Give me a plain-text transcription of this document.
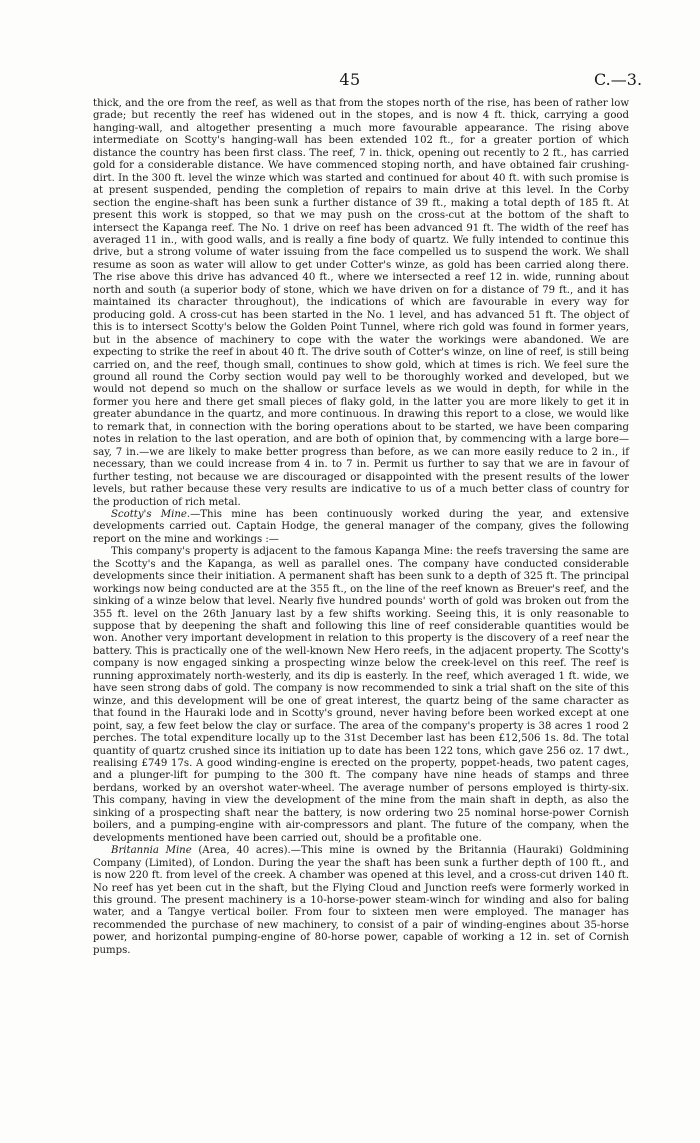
45	C.—3.

thick, and the ore from the reef, as well as that from the stopes north of the rise, has been of rather low grade; but recently the reef has widened out in the stopes, and is now 4 ft. thick, carrying a good hanging-wall, and altogether presenting a much more favourable appearance. The rising above intermediate on Scotty's hanging-wall has been extended 102 ft., for a greater portion of which distance the country has been first class. The reef, 7 in. thick, opening out recently to 2 ft., has carried gold for a considerable distance. We have commenced stoping north, and have obtained fair crushing-dirt. In the 300 ft. level the winze which was started and continued for about 40 ft. with such promise is at present suspended, pending the completion of repairs to main drive at this level. In the Corby section the engine-shaft has been sunk a further distance of 39 ft., making a total depth of 185 ft. At present this work is stopped, so that we may push on the cross-cut at the bottom of the shaft to intersect the Kapanga reef. The No. 1 drive on reef has been advanced 91 ft. The width of the reef has averaged 11 in., with good walls, and is really a fine body of quartz. We fully intended to continue this drive, but a strong volume of water issuing from the face compelled us to suspend the work. We shall resume as soon as water will allow to get under Cotter's winze, as gold has been carried along there. The rise above this drive has advanced 40 ft., where we intersected a reef 12 in. wide, running about north and south (a superior body of stone, which we have driven on for a distance of 79 ft., and it has maintained its character throughout), the indications of which are favourable in every way for producing gold. A cross-cut has been started in the No. 1 level, and has advanced 51 ft. The object of this is to intersect Scotty's below the Golden Point Tunnel, where rich gold was found in former years, but in the absence of machinery to cope with the water the workings were abandoned. We are expecting to strike the reef in about 40 ft. The drive south of Cotter's winze, on line of reef, is still being carried on, and the reef, though small, continues to show gold, which at times is rich. We feel sure the ground all round the Corby section would pay well to be thoroughly worked and developed, but we would not depend so much on the shallow or surface levels as we would in depth, for while in the former you here and there get small pieces of flaky gold, in the latter you are more likely to get it in greater abundance in the quartz, and more continuous. In drawing this report to a close, we would like to remark that, in connection with the boring operations about to be started, we have been comparing notes in relation to the last operation, and are both of opinion that, by commencing with a large bore—say, 7 in.—we are likely to make better progress than before, as we can more easily reduce to 2 in., if necessary, than we could increase from 4 in. to 7 in. Permit us further to say that we are in favour of further testing, not because we are discouraged or disappointed with the present results of the lower levels, but rather because these very results are indicative to us of a much better class of country for the production of rich metal.

Scotty's Mine.—This mine has been continuously worked during the year, and extensive developments carried out. Captain Hodge, the general manager of the company, gives the following report on the mine and workings :—

This company's property is adjacent to the famous Kapanga Mine: the reefs traversing the same are the Scotty's and the Kapanga, as well as parallel ones. The company have conducted considerable developments since their initiation. A permanent shaft has been sunk to a depth of 325 ft. The principal workings now being conducted are at the 355 ft., on the line of the reef known as Breuer's reef, and the sinking of a winze below that level. Nearly five hundred pounds' worth of gold was broken out from the 355 ft. level on the 26th January last by a few shifts working. Seeing this, it is only reasonable to suppose that by deepening the shaft and following this line of reef considerable quantities would be won. Another very important development in relation to this property is the discovery of a reef near the battery. This is practically one of the well-known New Hero reefs, in the adjacent property. The Scotty's company is now engaged sinking a prospecting winze below the creek-level on this reef. The reef is running approximately north-westerly, and its dip is easterly. In the reef, which averaged 1 ft. wide, we have seen strong dabs of gold. The company is now recommended to sink a trial shaft on the site of this winze, and this development will be one of great interest, the quartz being of the same character as that found in the Hauraki lode and in Scotty's ground, never having before been worked except at one point, say, a few feet below the clay or surface. The area of the company's property is 38 acres 1 rood 2 perches. The total expenditure locally up to the 31st December last has been £12,506 1s. 8d. The total quantity of quartz crushed since its initiation up to date has been 122 tons, which gave 256 oz. 17 dwt., realising £749 17s. A good winding-engine is erected on the property, poppet-heads, two patent cages, and a plunger-lift for pumping to the 300 ft. The company have nine heads of stamps and three berdans, worked by an overshot water-wheel. The average number of persons employed is thirty-six. This company, having in view the development of the mine from the main shaft in depth, as also the sinking of a prospecting shaft near the battery, is now ordering two 25 nominal horse-power Cornish boilers, and a pumping-engine with air-compressors and plant. The future of the company, when the developments mentioned have been carried out, should be a profitable one.

Britannia Mine (Area, 40 acres).—This mine is owned by the Britannia (Hauraki) Goldmining Company (Limited), of London. During the year the shaft has been sunk a further depth of 100 ft., and is now 220 ft. from level of the creek. A chamber was opened at this level, and a cross-cut driven 140 ft. No reef has yet been cut in the shaft, but the Flying Cloud and Junction reefs were formerly worked in this ground. The present machinery is a 10-horse-power steam-winch for winding and also for baling water, and a Tangye vertical boiler. From four to sixteen men were employed. The manager has recommended the purchase of new machinery, to consist of a pair of winding-engines about 35-horse power, and horizontal pumping-engine of 80-horse power, capable of working a 12 in. set of Cornish pumps.
